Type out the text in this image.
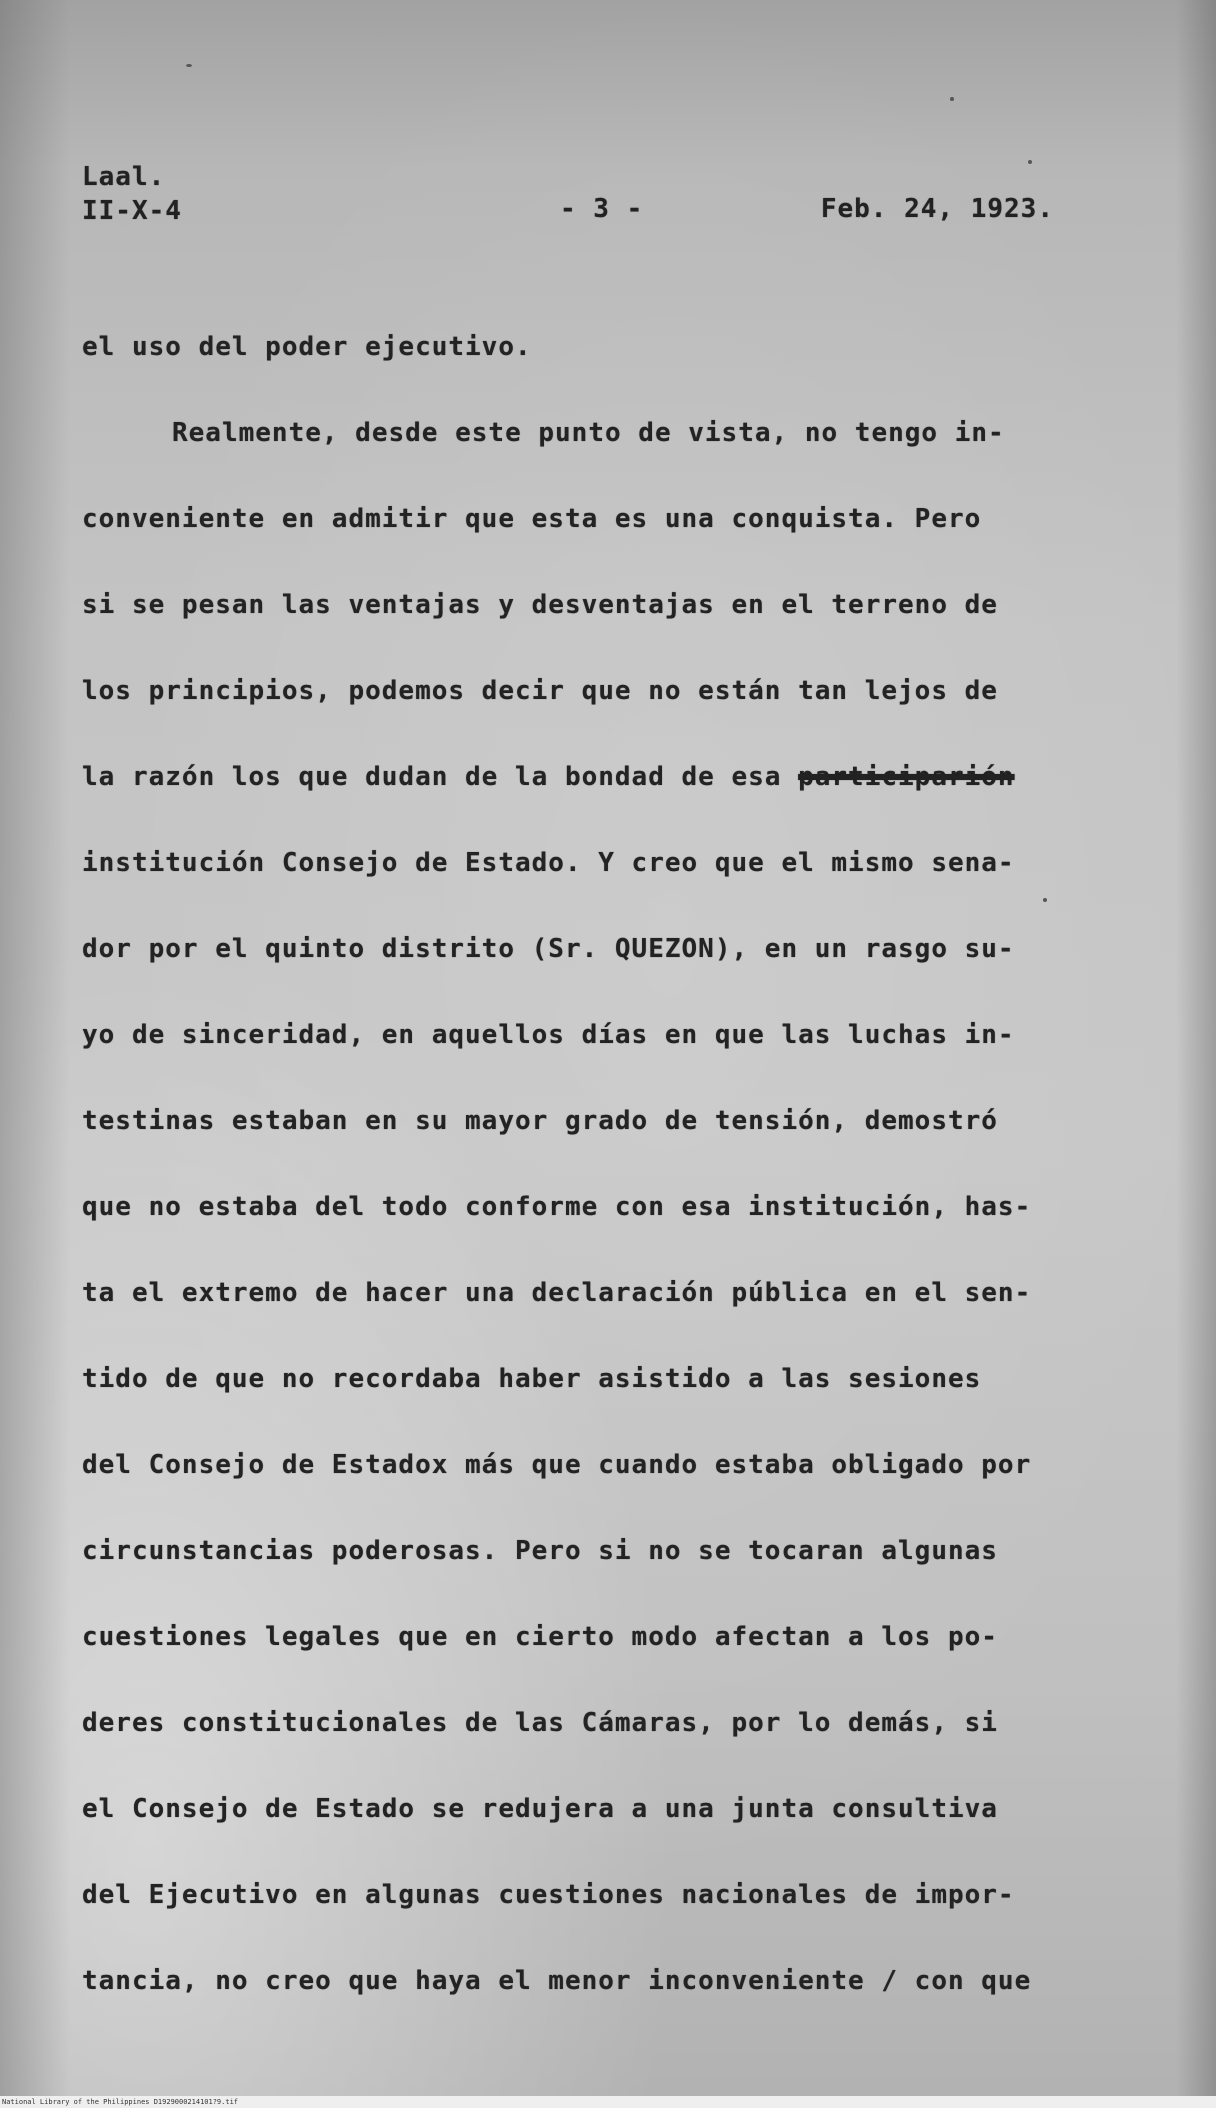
Laal.
II-X-4	- 3 -	Feb. 24, 1923.
el uso del poder ejecutivo.
Realmente, desde este punto de vista, no tengo in-
conveniente en admitir que esta es una conquista. Pero
si se pesan las ventajas y desventajas en el terreno de
los principios, podemos decir que no están tan lejos de
la razón los que dudan de la bondad de esa participarión
institución Consejo de Estado. Y creo que el mismo sena-
dor por el quinto distrito (Sr. QUEZON), en un rasgo su-
yo de sinceridad, en aquellos días en que las luchas in-
testinas estaban en su mayor grado de tensión, demostró
que no estaba del todo conforme con esa institución, has-
ta el extremo de hacer una declaración pública en el sen-
tido de que no recordaba haber asistido a las sesiones
del Consejo de Estadox más que cuando estaba obligado por
circunstancias poderosas. Pero si no se tocaran algunas
cuestiones legales que en cierto modo afectan a los po-
deres constitucionales de las Cámaras, por lo demás, si
el Consejo de Estado se redujera a una junta consultiva
del Ejecutivo en algunas cuestiones nacionales de impor-
tancia, no creo que haya el menor inconveniente / con que
National Library of the Philippines D1929000214101?9.tif
